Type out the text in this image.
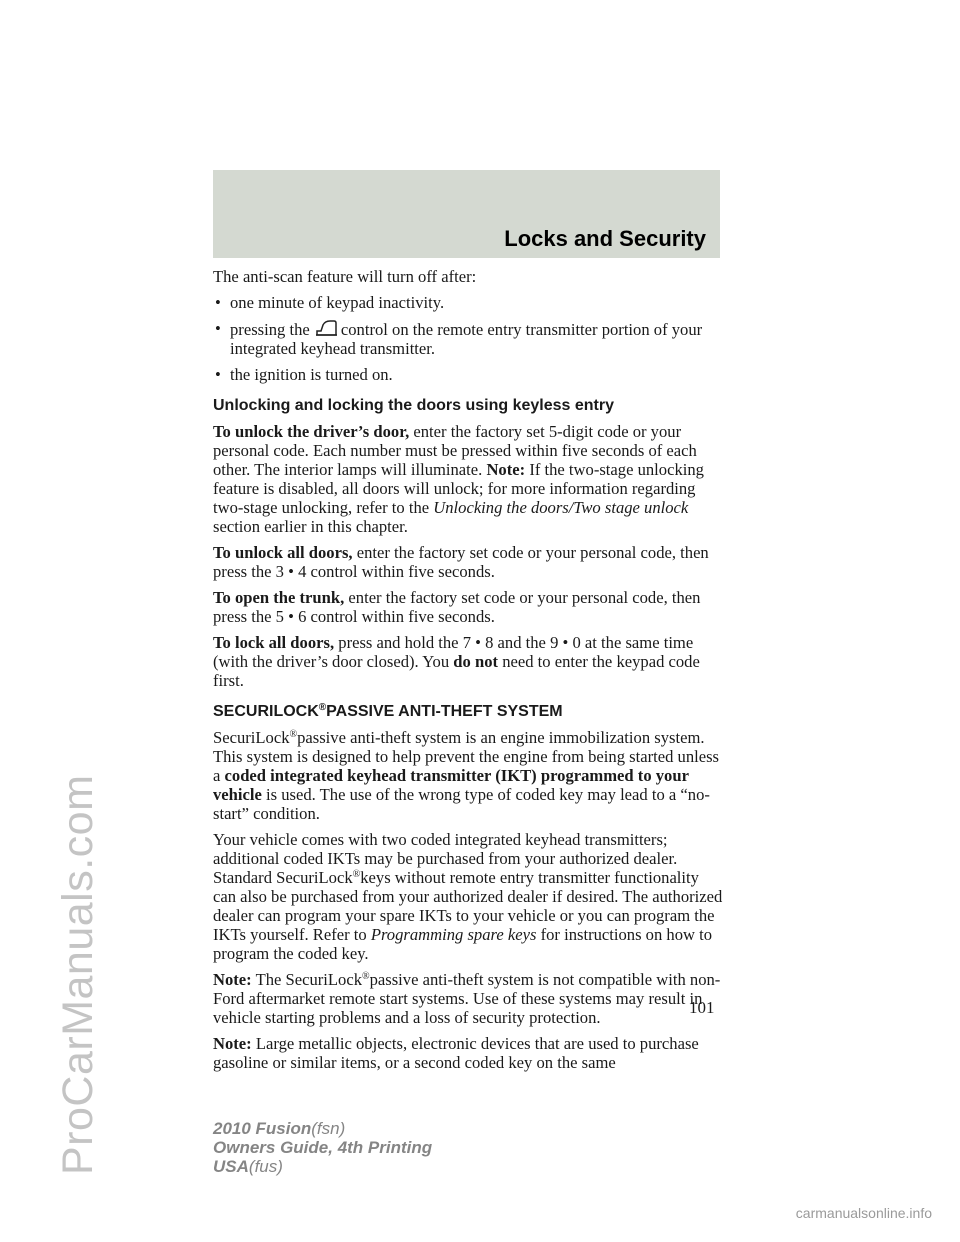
ProCarManuals.com
Locks and Security

The anti-scan feature will turn off after:

• one minute of keypad inactivity.
• pressing the control on the remote entry transmitter portion of your integrated keyhead transmitter.
• the ignition is turned on.
Unlocking and locking the doors using keyless entry

To unlock the driver’s door, enter the factory set 5-digit code or your personal code. Each number must be pressed within five seconds of each other. The interior lamps will illuminate. Note: If the two-stage unlocking feature is disabled, all doors will unlock; for more information regarding two-stage unlocking, refer to the Unlocking the doors/Two stage unlock section earlier in this chapter.

To unlock all doors, enter the factory set code or your personal code, then press the 3 • 4 control within five seconds.

To open the trunk, enter the factory set code or your personal code, then press the 5 • 6 control within five seconds.

To lock all doors, press and hold the 7 • 8 and the 9 • 0 at the same time (with the driver’s door closed). You do not need to enter the keypad code first.

SECURILOCK®PASSIVE ANTI-THEFT SYSTEM

SecuriLock®passive anti-theft system is an engine immobilization system. This system is designed to help prevent the engine from being started unless a coded integrated keyhead transmitter (IKT) programmed to your vehicle is used. The use of the wrong type of coded key may lead to a “no-start” condition.

Your vehicle comes with two coded integrated keyhead transmitters; additional coded IKTs may be purchased from your authorized dealer. Standard SecuriLock®keys without remote entry transmitter functionality can also be purchased from your authorized dealer if desired. The authorized dealer can program your spare IKTs to your vehicle or you can program the IKTs yourself. Refer to Programming spare keys for instructions on how to program the coded key.

Note: The SecuriLock®passive anti-theft system is not compatible with non-Ford aftermarket remote start systems. Use of these systems may result in vehicle starting problems and a loss of security protection.

Note: Large metallic objects, electronic devices that are used to purchase gasoline or similar items, or a second coded key on the same

101
2010 Fusion(fsn)
Owners Guide, 4th Printing
USA(fus)
carmanualsonline.info
